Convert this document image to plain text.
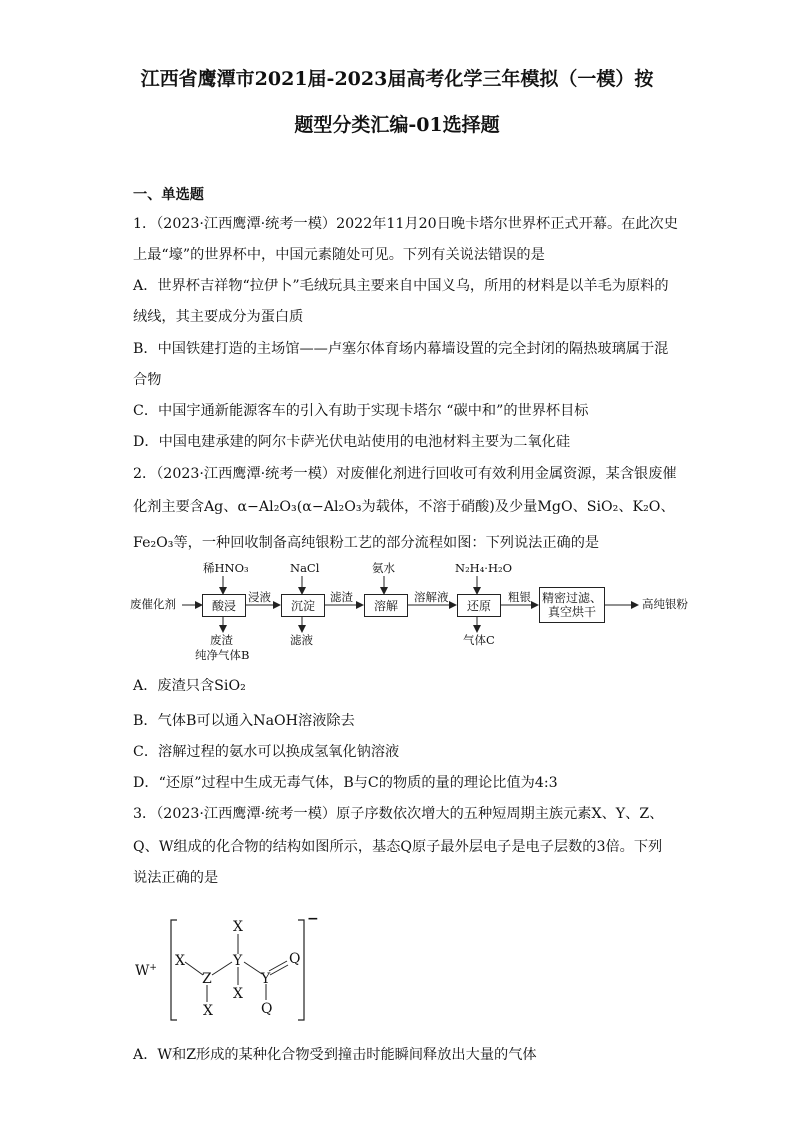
江西省鹰潭市2021届-2023届高考化学三年模拟（一模）按
题型分类汇编-01选择题
一、单选题
1．（2023·江西鹰潭·统考一模）2022年11月20日晚卡塔尔世界杯正式开幕。在此次史
上最“壕”的世界杯中，中国元素随处可见。下列有关说法错误的是
A．世界杯吉祥物“拉伊卜”毛绒玩具主要来自中国义乌，所用的材料是以羊毛为原料的
绒线，其主要成分为蛋白质
B．中国铁建打造的主场馆——卢塞尔体育场内幕墙设置的完全封闭的隔热玻璃属于混
合物
C．中国宇通新能源客车的引入有助于实现卡塔尔 “碳中和”的世界杯目标
D．中国电建承建的阿尔卡萨光伏电站使用的电池材料主要为二氧化硅
2．（2023·江西鹰潭·统考一模）对废催化剂进行回收可有效利用金属资源，某含银废催
化剂主要含Ag、α−Al₂O₃(α−Al₂O₃为载体，不溶于硝酸)及少量MgO、SiO₂、K₂O、
Fe₂O₃等，一种回收制备高纯银粉工艺的部分流程如图：下列说法正确的是
废催化剂
稀HNO₃
酸浸
废渣
纯净气体B
浸液
NaCl
沉淀
滤液
滤渣
氨水
溶解
溶解液
N₂H₄·H₂O
还原
气体C
粗银 精密过滤、
真空烘干
高纯银粉
A．废渣只含SiO₂
B．气体B可以通入NaOH溶液除去
C．溶解过程的氨水可以换成氢氧化钠溶液
D．“还原”过程中生成无毒气体，B与C的物质的量的理论比值为4:3
3．（2023·江西鹰潭·统考一模）原子序数依次增大的五种短周期主族元素X、Y、Z、
Q、W组成的化合物的结构如图所示，基态Q原子最外层电子是电子层数的3倍。下列
说法正确的是
W+ X
Z
X
X
Y
X
Y
Q
Q
−
A．W和Z形成的某种化合物受到撞击时能瞬间释放出大量的气体
